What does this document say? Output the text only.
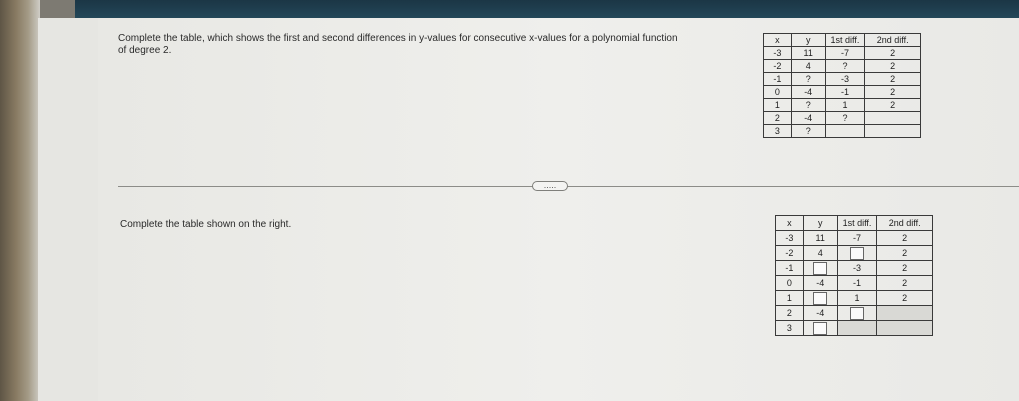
Complete the table, which shows the first and second differences in y-values for consecutive x-values for a polynomial function of degree 2.
x	y	1st diff.	2nd diff.
-3	11	-7	2
-2	4	?	2
-1	?	-3	2
0	-4	-1	2
1	?	1	2
2	-4	?	
3	?		
.....
Complete the table shown on the right.	x	y	1st diff.	2nd diff.
-3	11	-7	2
-2	4		2
-1		-3	2
0	-4	-1	2
1		1	2
2	-4		
3			
